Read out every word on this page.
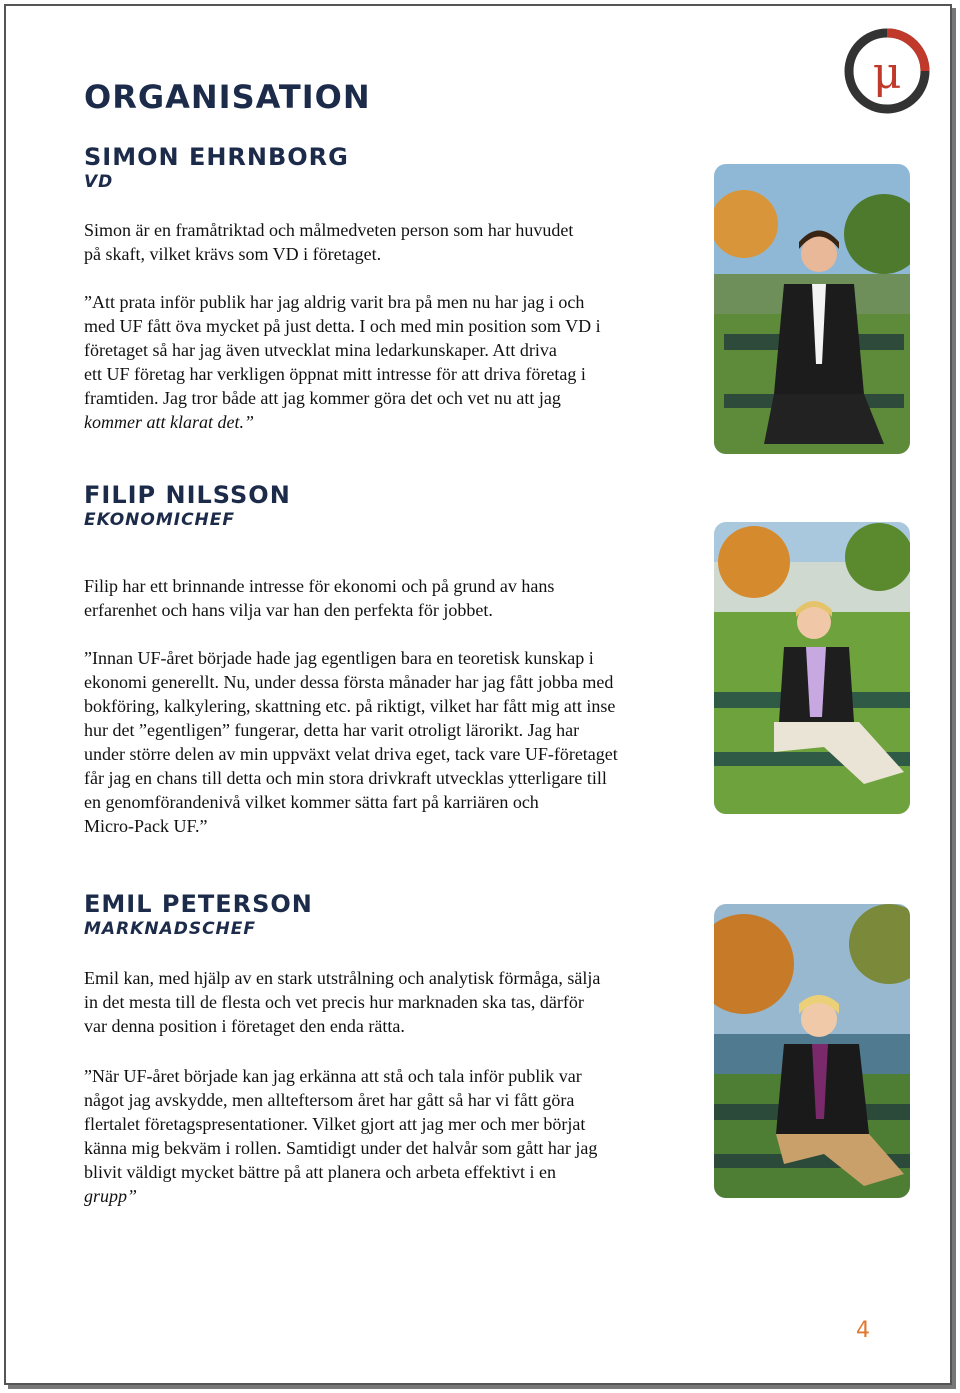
μ
ORGANISATION
SIMON EHRNBORG
VD
Simon är en framåtriktad och målmedveten person som har huvudet
på skaft, vilket krävs som VD i företaget.
”Att prata inför publik har jag aldrig varit bra på men nu har jag i och
med UF fått öva mycket på just detta. I och med min position som VD i
företaget så har jag även utvecklat mina ledarkunskaper. Att driva
ett UF företag har verkligen öppnat mitt intresse för att driva företag i
framtiden. Jag tror både att jag kommer göra det och vet nu att jag
kommer att klarat det.”
FILIP NILSSON
EKONOMICHEF
Filip har ett brinnande intresse för ekonomi och på grund av hans
erfarenhet och hans vilja var han den perfekta för jobbet.
”Innan UF-året började hade jag egentligen bara en teoretisk kunskap i
ekonomi generellt. Nu, under dessa första månader har jag fått jobba med
bokföring, kalkylering, skattning etc. på riktigt, vilket har fått mig att inse
hur det ”egentligen” fungerar, detta har varit otroligt lärorikt. Jag har
under större delen av min uppväxt velat driva eget, tack vare UF-företaget
får jag en chans till detta och min stora drivkraft utvecklas ytterligare till
en genomförandenivå vilket kommer sätta fart på karriären och
Micro-Pack UF.”
EMIL PETERSON
MARKNADSCHEF
Emil kan, med hjälp av en stark utstrålning och analytisk förmåga, sälja
in det mesta till de flesta och vet precis hur marknaden ska tas, därför
var denna position i företaget den enda rätta.
”När UF-året började kan jag erkänna att stå och tala inför publik var
något jag avskydde, men allteftersom året har gått så har vi fått göra
flertalet företagspresentationer. Vilket gjort att jag mer och mer börjat
känna mig bekväm i rollen. Samtidigt under det halvår som gått har jag
blivit väldigt mycket bättre på att planera och arbeta effektivt i en
grupp”
4
